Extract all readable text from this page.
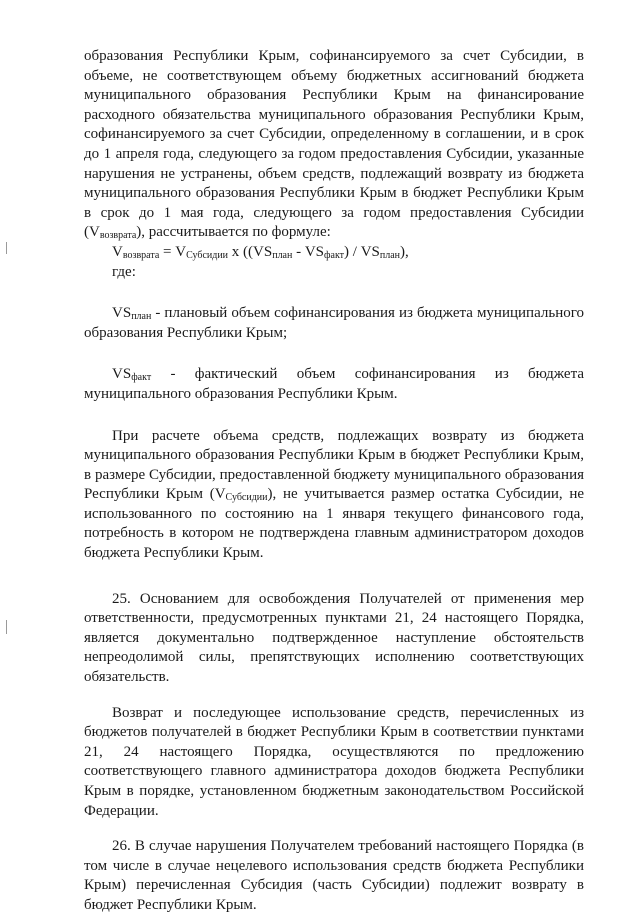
образования Республики Крым, софинансируемого за счет Субсидии, в объеме, не соответствующем объему бюджетных ассигнований бюджета муниципального образования Республики Крым на финансирование расходного обязательства муниципального образования Республики Крым, софинансируемого за счет Субсидии, определенному в соглашении, и в срок до 1 апреля года, следующего за годом предоставления Субсидии, указанные нарушения не устранены, объем средств, подлежащий возврату из бюджета муниципального образования Республики Крым в бюджет Республики Крым в срок до 1 мая года, следующего за годом предоставления Субсидии $(V_{возврата})$, рассчитывается по формуле:

$V_{возврата} = V_{Субсидии}$ х $((VS_{план} - VS_{факт}) / VS_{план})$,

где:

$VS_{план}$ - плановый объем софинансирования из бюджета муниципального образования Республики Крым;

$VS_{факт}$ - фактический объем софинансирования из бюджета

муниципального образования Республики Крым.

При расчете объема средств, подлежащих возврату из бюджета муниципального образования Республики Крым в бюджет Республики Крым, в размере Субсидии, предоставленной бюджету муниципального образования Республики Крым $(V_{Субсидии})$, не учитывается размер остатка Субсидии, не использованного по состоянию на 1 января текущего финансового года, потребность в котором не подтверждена главным администратором доходов бюджета Республики Крым.

25. Основанием для освобождения Получателей от применения мер ответственности, предусмотренных пунктами 21, 24 настоящего Порядка, является документально подтвержденное наступление обстоятельств непреодолимой силы, препятствующих исполнению соответствующих обязательств.

Возврат и последующее использование средств, перечисленных из бюджетов получателей в бюджет Республики Крым в соответствии пунктами 21, 24 настоящего Порядка, осуществляются по предложению соответствующего главного администратора доходов бюджета Республики Крым в порядке, установленном бюджетным законодательством Российской Федерации.

26. В случае нарушения Получателем требований настоящего Порядка (в том числе в случае нецелевого использования средств бюджета Республики Крым) перечисленная Субсидия (часть Субсидии) подлежит возврату в бюджет Республики Крым.
